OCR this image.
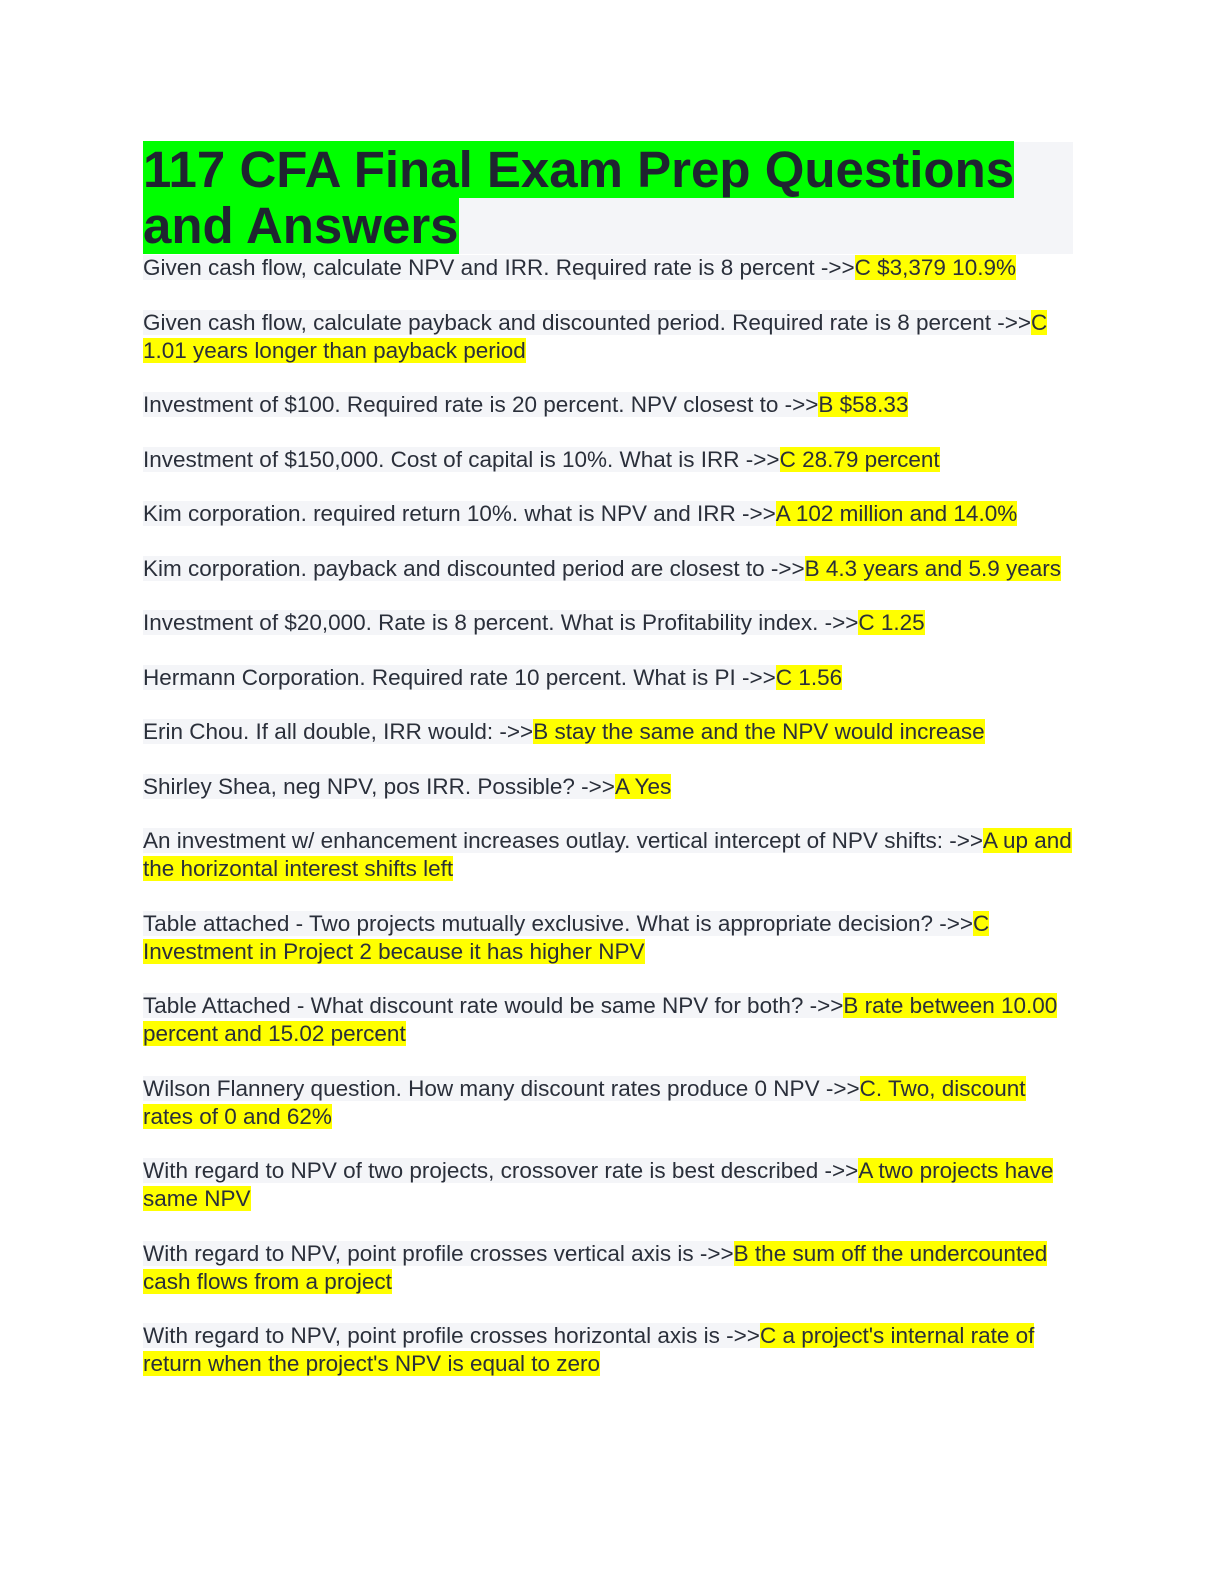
117 CFA Final Exam Prep Questions and Answers
Given cash flow, calculate NPV and IRR. Required rate is 8 percent ->>C $3,379 10.9%
Given cash flow, calculate payback and discounted period. Required rate is 8 percent ->>C 1.01 years longer than payback period
Investment of $100. Required rate is 20 percent. NPV closest to ->>B $58.33
Investment of $150,000. Cost of capital is 10%. What is IRR ->>C 28.79 percent
Kim corporation. required return 10%. what is NPV and IRR ->>A 102 million and 14.0%
Kim corporation. payback and discounted period are closest to ->>B 4.3 years and 5.9 years
Investment of $20,000. Rate is 8 percent. What is Profitability index. ->>C 1.25
Hermann Corporation. Required rate 10 percent. What is PI ->>C 1.56
Erin Chou. If all double, IRR would: ->>B stay the same and the NPV would increase
Shirley Shea, neg NPV, pos IRR. Possible? ->>A Yes
An investment w/ enhancement increases outlay. vertical intercept of NPV shifts: ->>A up and the horizontal interest shifts left
Table attached - Two projects mutually exclusive. What is appropriate decision? ->>C Investment in Project 2 because it has higher NPV
Table Attached - What discount rate would be same NPV for both? ->>B rate between 10.00 percent and 15.02 percent
Wilson Flannery question. How many discount rates produce 0 NPV ->>C. Two, discount rates of 0 and 62%
With regard to NPV of two projects, crossover rate is best described ->>A two projects have same NPV
With regard to NPV, point profile crosses vertical axis is ->>B the sum off the undercounted cash flows from a project
With regard to NPV, point profile crosses horizontal axis is ->>C a project's internal rate of return when the project's NPV is equal to zero
